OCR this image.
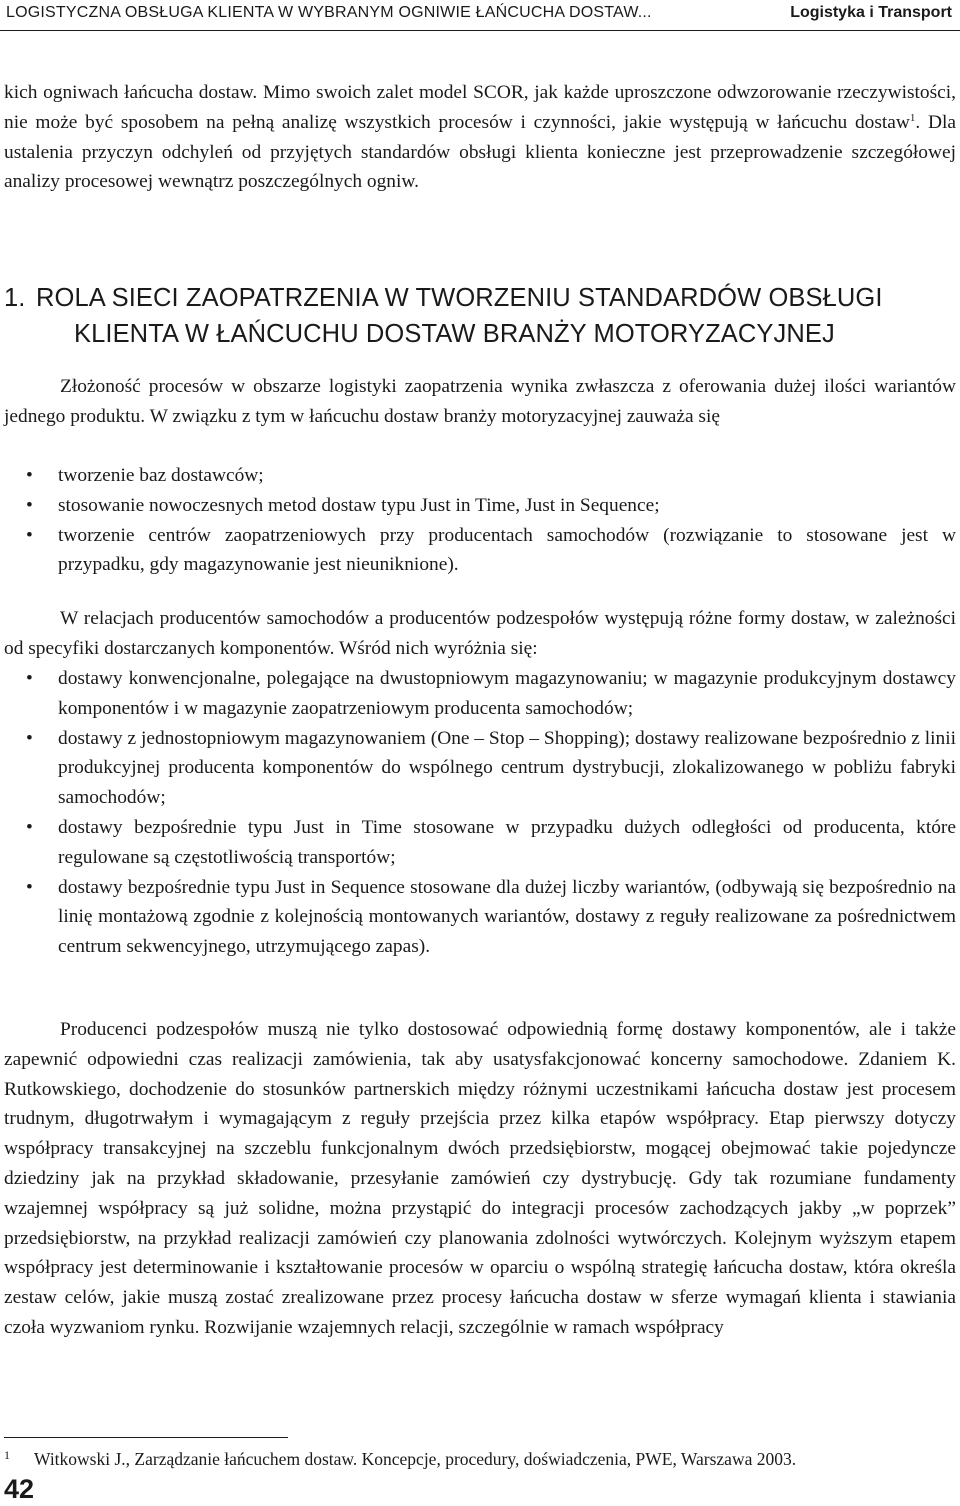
LOGISTYCZNA OBSŁUGA KLIENTA W WYBRANYM OGNIWIE ŁAŃCUCHA DOSTAW...	Logistyka i Transport

kich ogniwach łańcucha dostaw. Mimo swoich zalet model SCOR, jak każde uproszczone odwzorowanie rzeczywistości, nie może być sposobem na pełną analizę wszystkich procesów i czynności, jakie występują w łańcuchu dostaw$^1$. Dla ustalenia przyczyn odchyleń od przyjętych standardów obsługi klienta konieczne jest przeprowadzenie szczegółowej analizy procesowej wewnątrz poszczególnych ogniw.

1. ROLA SIECI ZAOPATRZENIA W TWORZENIU STANDARDÓW OBSŁUGI
KLIENTA W ŁAŃCUCHU DOSTAW BRANŻY MOTORYZACYJNEJ

Złożoność procesów w obszarze logistyki zaopatrzenia wynika zwłaszcza z oferowania dużej ilości wariantów jednego produktu. W związku z tym w łańcuchu dostaw branży motoryzacyjnej zauważa się

• tworzenie baz dostawców;
• stosowanie nowoczesnych metod dostaw typu Just in Time, Just in Sequence;
• tworzenie centrów zaopatrzeniowych przy producentach samochodów (rozwiązanie to stosowane jest w przypadku, gdy magazynowanie jest nieuniknione).

W relacjach producentów samochodów a producentów podzespołów występują różne formy dostaw, w zależności od specyfiki dostarczanych komponentów. Wśród nich wyróżnia się:

• dostawy konwencjonalne, polegające na dwustopniowym magazynowaniu; w magazynie produkcyjnym dostawcy komponentów i w magazynie zaopatrzeniowym producenta samochodów;
• dostawy z jednostopniowym magazynowaniem (One – Stop – Shopping); dostawy realizowane bezpośrednio z linii produkcyjnej producenta komponentów do wspólnego centrum dystrybucji, zlokalizowanego w pobliżu fabryki samochodów;
• dostawy bezpośrednie typu Just in Time stosowane w przypadku dużych odległości od producenta, które regulowane są częstotliwością transportów;
• dostawy bezpośrednie typu Just in Sequence stosowane dla dużej liczby wariantów, (odbywają się bezpośrednio na linię montażową zgodnie z kolejnością montowanych wariantów, dostawy z reguły realizowane za pośrednictwem centrum sekwencyjnego, utrzymującego zapas).

Producenci podzespołów muszą nie tylko dostosować odpowiednią formę dostawy komponentów, ale i także zapewnić odpowiedni czas realizacji zamówienia, tak aby usatysfakcjonować koncerny samochodowe. Zdaniem K. Rutkowskiego, dochodzenie do stosunków partnerskich między różnymi uczestnikami łańcucha dostaw jest procesem trudnym, długotrwałym i wymagającym z reguły przejścia przez kilka etapów współpracy. Etap pierwszy dotyczy współpracy transakcyjnej na szczeblu funkcjonalnym dwóch przedsiębiorstw, mogącej obejmować takie pojedyncze dziedziny jak na przykład składowanie, przesyłanie zamówień czy dystrybucję. Gdy tak rozumiane fundamenty wzajemnej współpracy są już solidne, można przystąpić do integracji procesów zachodzących jakby „w poprzek” przedsiębiorstw, na przykład realizacji zamówień czy planowania zdolności wytwórczych. Kolejnym wyższym etapem współpracy jest determinowanie i kształtowanie procesów w oparciu o wspólną strategię łańcucha dostaw, która określa zestaw celów, jakie muszą zostać zrealizowane przez procesy łańcucha dostaw w sferze wymagań klienta i stawiania czoła wyzwaniom rynku. Rozwijanie wzajemnych relacji, szczególnie w ramach współpracy

1 Witkowski J., Zarządzanie łańcuchem dostaw. Koncepcje, procedury, doświadczenia, PWE, Warszawa 2003.
42
